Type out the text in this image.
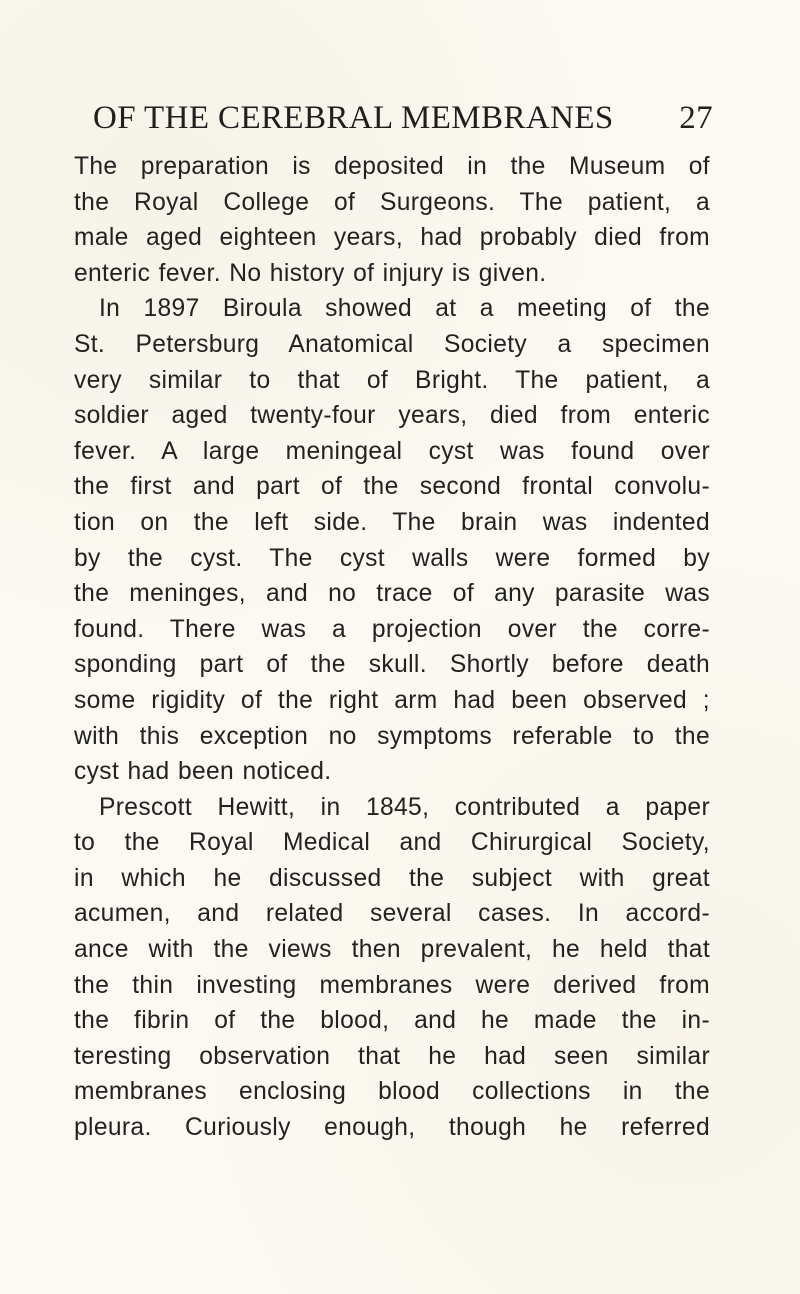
OF THE CEREBRAL MEMBRANES 27
The preparation is deposited in the Museum of
the Royal College of Surgeons. The patient, a
male aged eighteen years, had probably died from
enteric fever. No history of injury is given.
In 1897 Biroula showed at a meeting of the
St. Petersburg Anatomical Society a specimen
very similar to that of Bright. The patient, a
soldier aged twenty-four years, died from enteric
fever. A large meningeal cyst was found over
the first and part of the second frontal convolu-
tion on the left side. The brain was indented
by the cyst. The cyst walls were formed by
the meninges, and no trace of any parasite was
found. There was a projection over the corre-
sponding part of the skull. Shortly before death
some rigidity of the right arm had been observed ;
with this exception no symptoms referable to the
cyst had been noticed.
Prescott Hewitt, in 1845, contributed a paper
to the Royal Medical and Chirurgical Society,
in which he discussed the subject with great
acumen, and related several cases. In accord-
ance with the views then prevalent, he held that
the thin investing membranes were derived from
the fibrin of the blood, and he made the in-
teresting observation that he had seen similar
membranes enclosing blood collections in the
pleura. Curiously enough, though he referred
